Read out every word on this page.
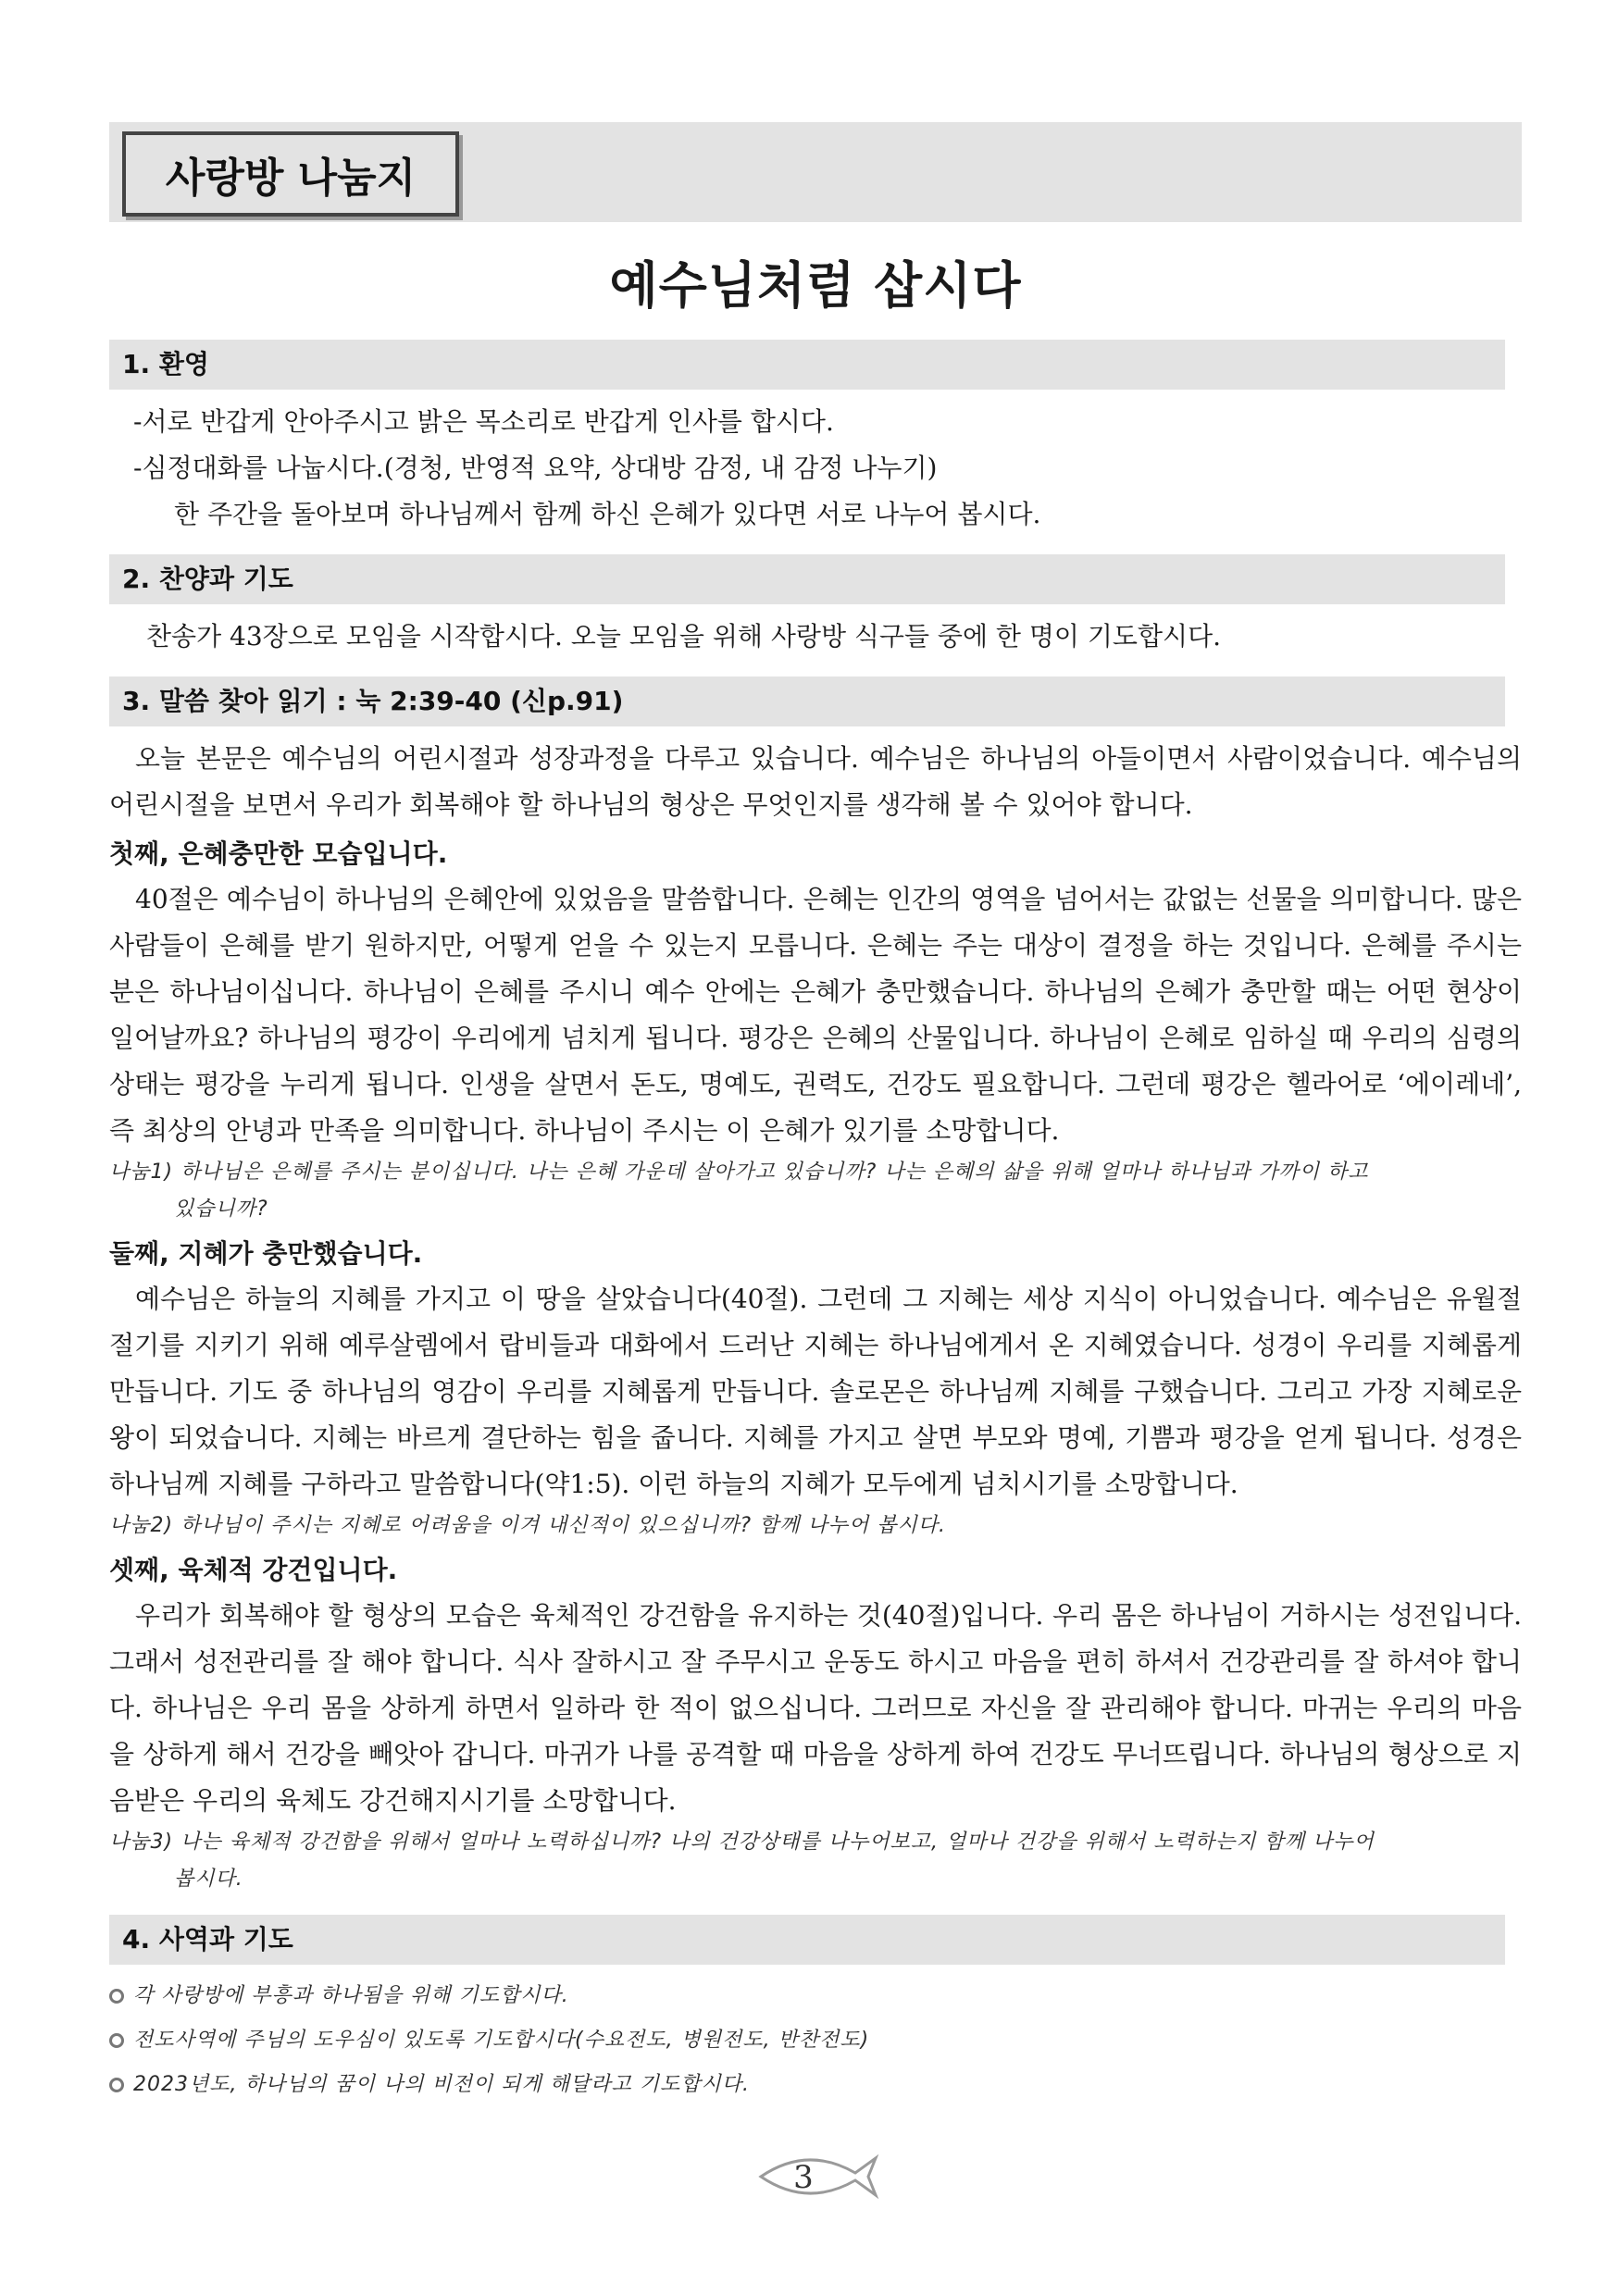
사랑방 나눔지
예수님처럼 삽시다
1. 환영
-서로 반갑게 안아주시고 밝은 목소리로 반갑게 인사를 합시다.
-심정대화를 나눕시다.(경청, 반영적 요약, 상대방 감정, 내 감정 나누기)
한 주간을 돌아보며 하나님께서 함께 하신 은혜가 있다면 서로 나누어 봅시다.
2. 찬양과 기도
찬송가 43장으로 모임을 시작합시다. 오늘 모임을 위해 사랑방 식구들 중에 한 명이 기도합시다.
3. 말씀 찾아 읽기 : 눅 2:39-40 (신p.91)

오늘 본문은 예수님의 어린시절과 성장과정을 다루고 있습니다. 예수님은 하나님의 아들이면서 사람이었습니다. 예수님의 어린시절을 보면서 우리가 회복해야 할 하나님의 형상은 무엇인지를 생각해 볼 수 있어야 합니다.

첫째, 은혜충만한 모습입니다.

40절은 예수님이 하나님의 은혜안에 있었음을 말씀합니다. 은혜는 인간의 영역을 넘어서는 값없는 선물을 의미합니다. 많은 사람들이 은혜를 받기 원하지만, 어떻게 얻을 수 있는지 모릅니다. 은혜는 주는 대상이 결정을 하는 것입니다. 은혜를 주시는 분은 하나님이십니다. 하나님이 은혜를 주시니 예수 안에는 은혜가 충만했습니다. 하나님의 은혜가 충만할 때는 어떤 현상이 일어날까요? 하나님의 평강이 우리에게 넘치게 됩니다. 평강은 은혜의 산물입니다. 하나님이 은혜로 임하실 때 우리의 심령의 상태는 평강을 누리게 됩니다. 인생을 살면서 돈도, 명예도, 권력도, 건강도 필요합니다. 그런데 평강은 헬라어로 ‘에이레네’, 즉 최상의 안녕과 만족을 의미합니다. 하나님이 주시는 이 은혜가 있기를 소망합니다.

나눔1) 하나님은 은혜를 주시는 분이십니다. 나는 은혜 가운데 살아가고 있습니까? 나는 은혜의 삶을 위해 얼마나 하나님과 가까이 하고
있습니까?
둘째, 지혜가 충만했습니다.

예수님은 하늘의 지혜를 가지고 이 땅을 살았습니다(40절). 그런데 그 지혜는 세상 지식이 아니었습니다. 예수님은 유월절 절기를 지키기 위해 예루살렘에서 랍비들과 대화에서 드러난 지혜는 하나님에게서 온 지혜였습니다. 성경이 우리를 지혜롭게 만듭니다. 기도 중 하나님의 영감이 우리를 지혜롭게 만듭니다. 솔로몬은 하나님께 지혜를 구했습니다. 그리고 가장 지혜로운 왕이 되었습니다. 지혜는 바르게 결단하는 힘을 줍니다. 지혜를 가지고 살면 부모와 명예, 기쁨과 평강을 얻게 됩니다. 성경은 하나님께 지혜를 구하라고 말씀합니다(약1:5). 이런 하늘의 지혜가 모두에게 넘치시기를 소망합니다.

나눔2) 하나님이 주시는 지혜로 어려움을 이겨 내신적이 있으십니까? 함께 나누어 봅시다.
셋째, 육체적 강건입니다.

우리가 회복해야 할 형상의 모습은 육체적인 강건함을 유지하는 것(40절)입니다. 우리 몸은 하나님이 거하시는 성전입니다. 그래서 성전관리를 잘 해야 합니다. 식사 잘하시고 잘 주무시고 운동도 하시고 마음을 편히 하셔서 건강관리를 잘 하셔야 합니다. 하나님은 우리 몸을 상하게 하면서 일하라 한 적이 없으십니다. 그러므로 자신을 잘 관리해야 합니다. 마귀는 우리의 마음을 상하게 해서 건강을 빼앗아 갑니다. 마귀가 나를 공격할 때 마음을 상하게 하여 건강도 무너뜨립니다. 하나님의 형상으로 지음받은 우리의 육체도 강건해지시기를 소망합니다.

나눔3) 나는 육체적 강건함을 위해서 얼마나 노력하십니까? 나의 건강상태를 나누어보고, 얼마나 건강을 위해서 노력하는지 함께 나누어
봅시다.
4. 사역과 기도
각 사랑방에 부흥과 하나됨을 위해 기도합시다.
전도사역에 주님의 도우심이 있도록 기도합시다(수요전도, 병원전도, 반찬전도)
2023년도, 하나님의 꿈이 나의 비전이 되게 해달라고 기도합시다.
3
